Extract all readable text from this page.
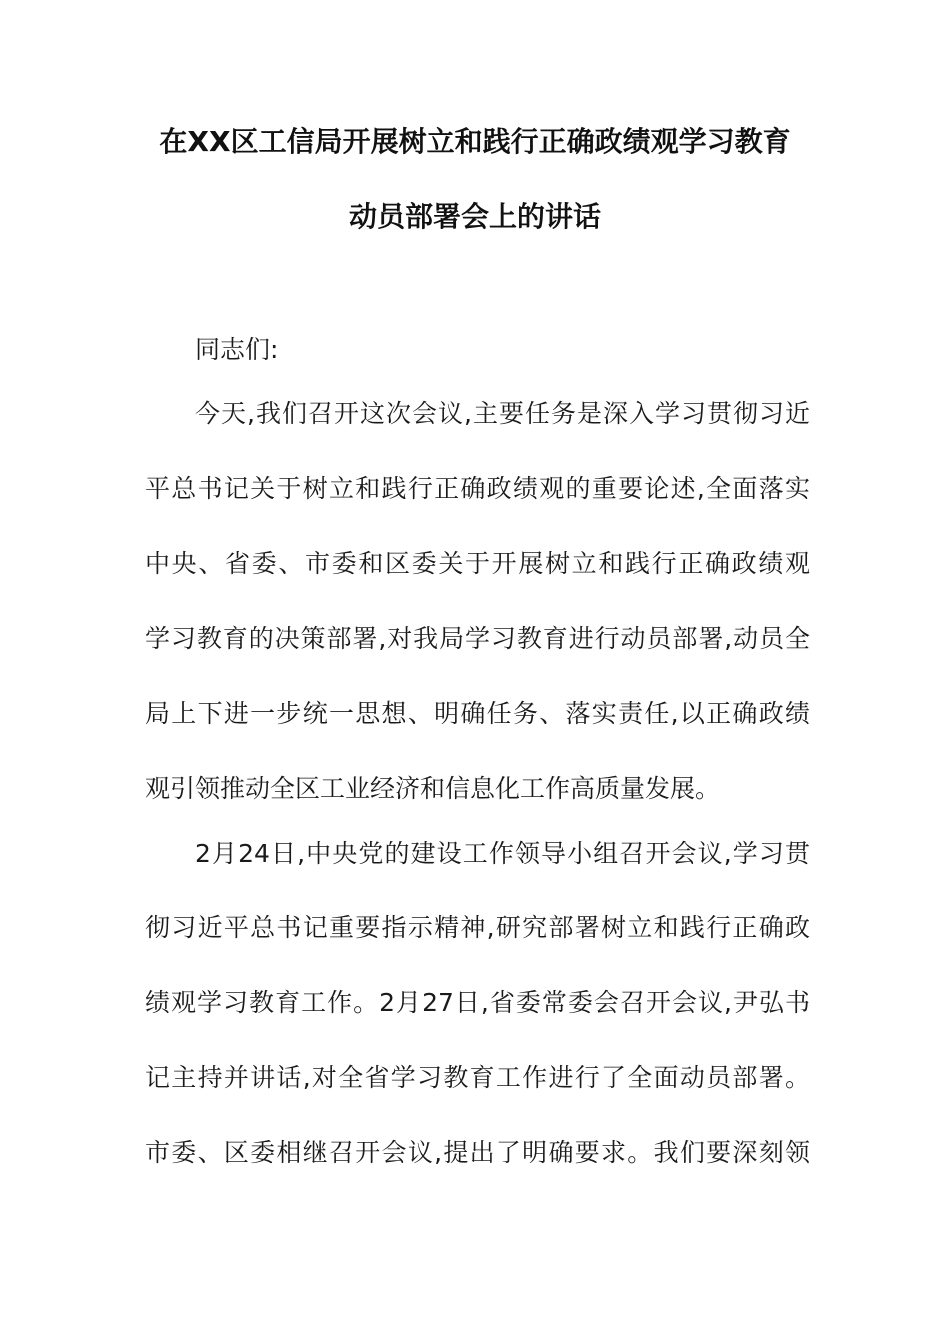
在XX区工信局开展树立和践行正确政绩观学习教育
动员部署会上的讲话
同志们:
今天,我们召开这次会议,主要任务是深入学习贯彻习近
平总书记关于树立和践行正确政绩观的重要论述,全面落实
中央、省委、市委和区委关于开展树立和践行正确政绩观
学习教育的决策部署,对我局学习教育进行动员部署,动员全
局上下进一步统一思想、明确任务、落实责任,以正确政绩
观引领推动全区工业经济和信息化工作高质量发展。
2月24日,中央党的建设工作领导小组召开会议,学习贯
彻习近平总书记重要指示精神,研究部署树立和践行正确政
绩观学习教育工作。2月27日,省委常委会召开会议,尹弘书
记主持并讲话,对全省学习教育工作进行了全面动员部署。
市委、区委相继召开会议,提出了明确要求。我们要深刻领
